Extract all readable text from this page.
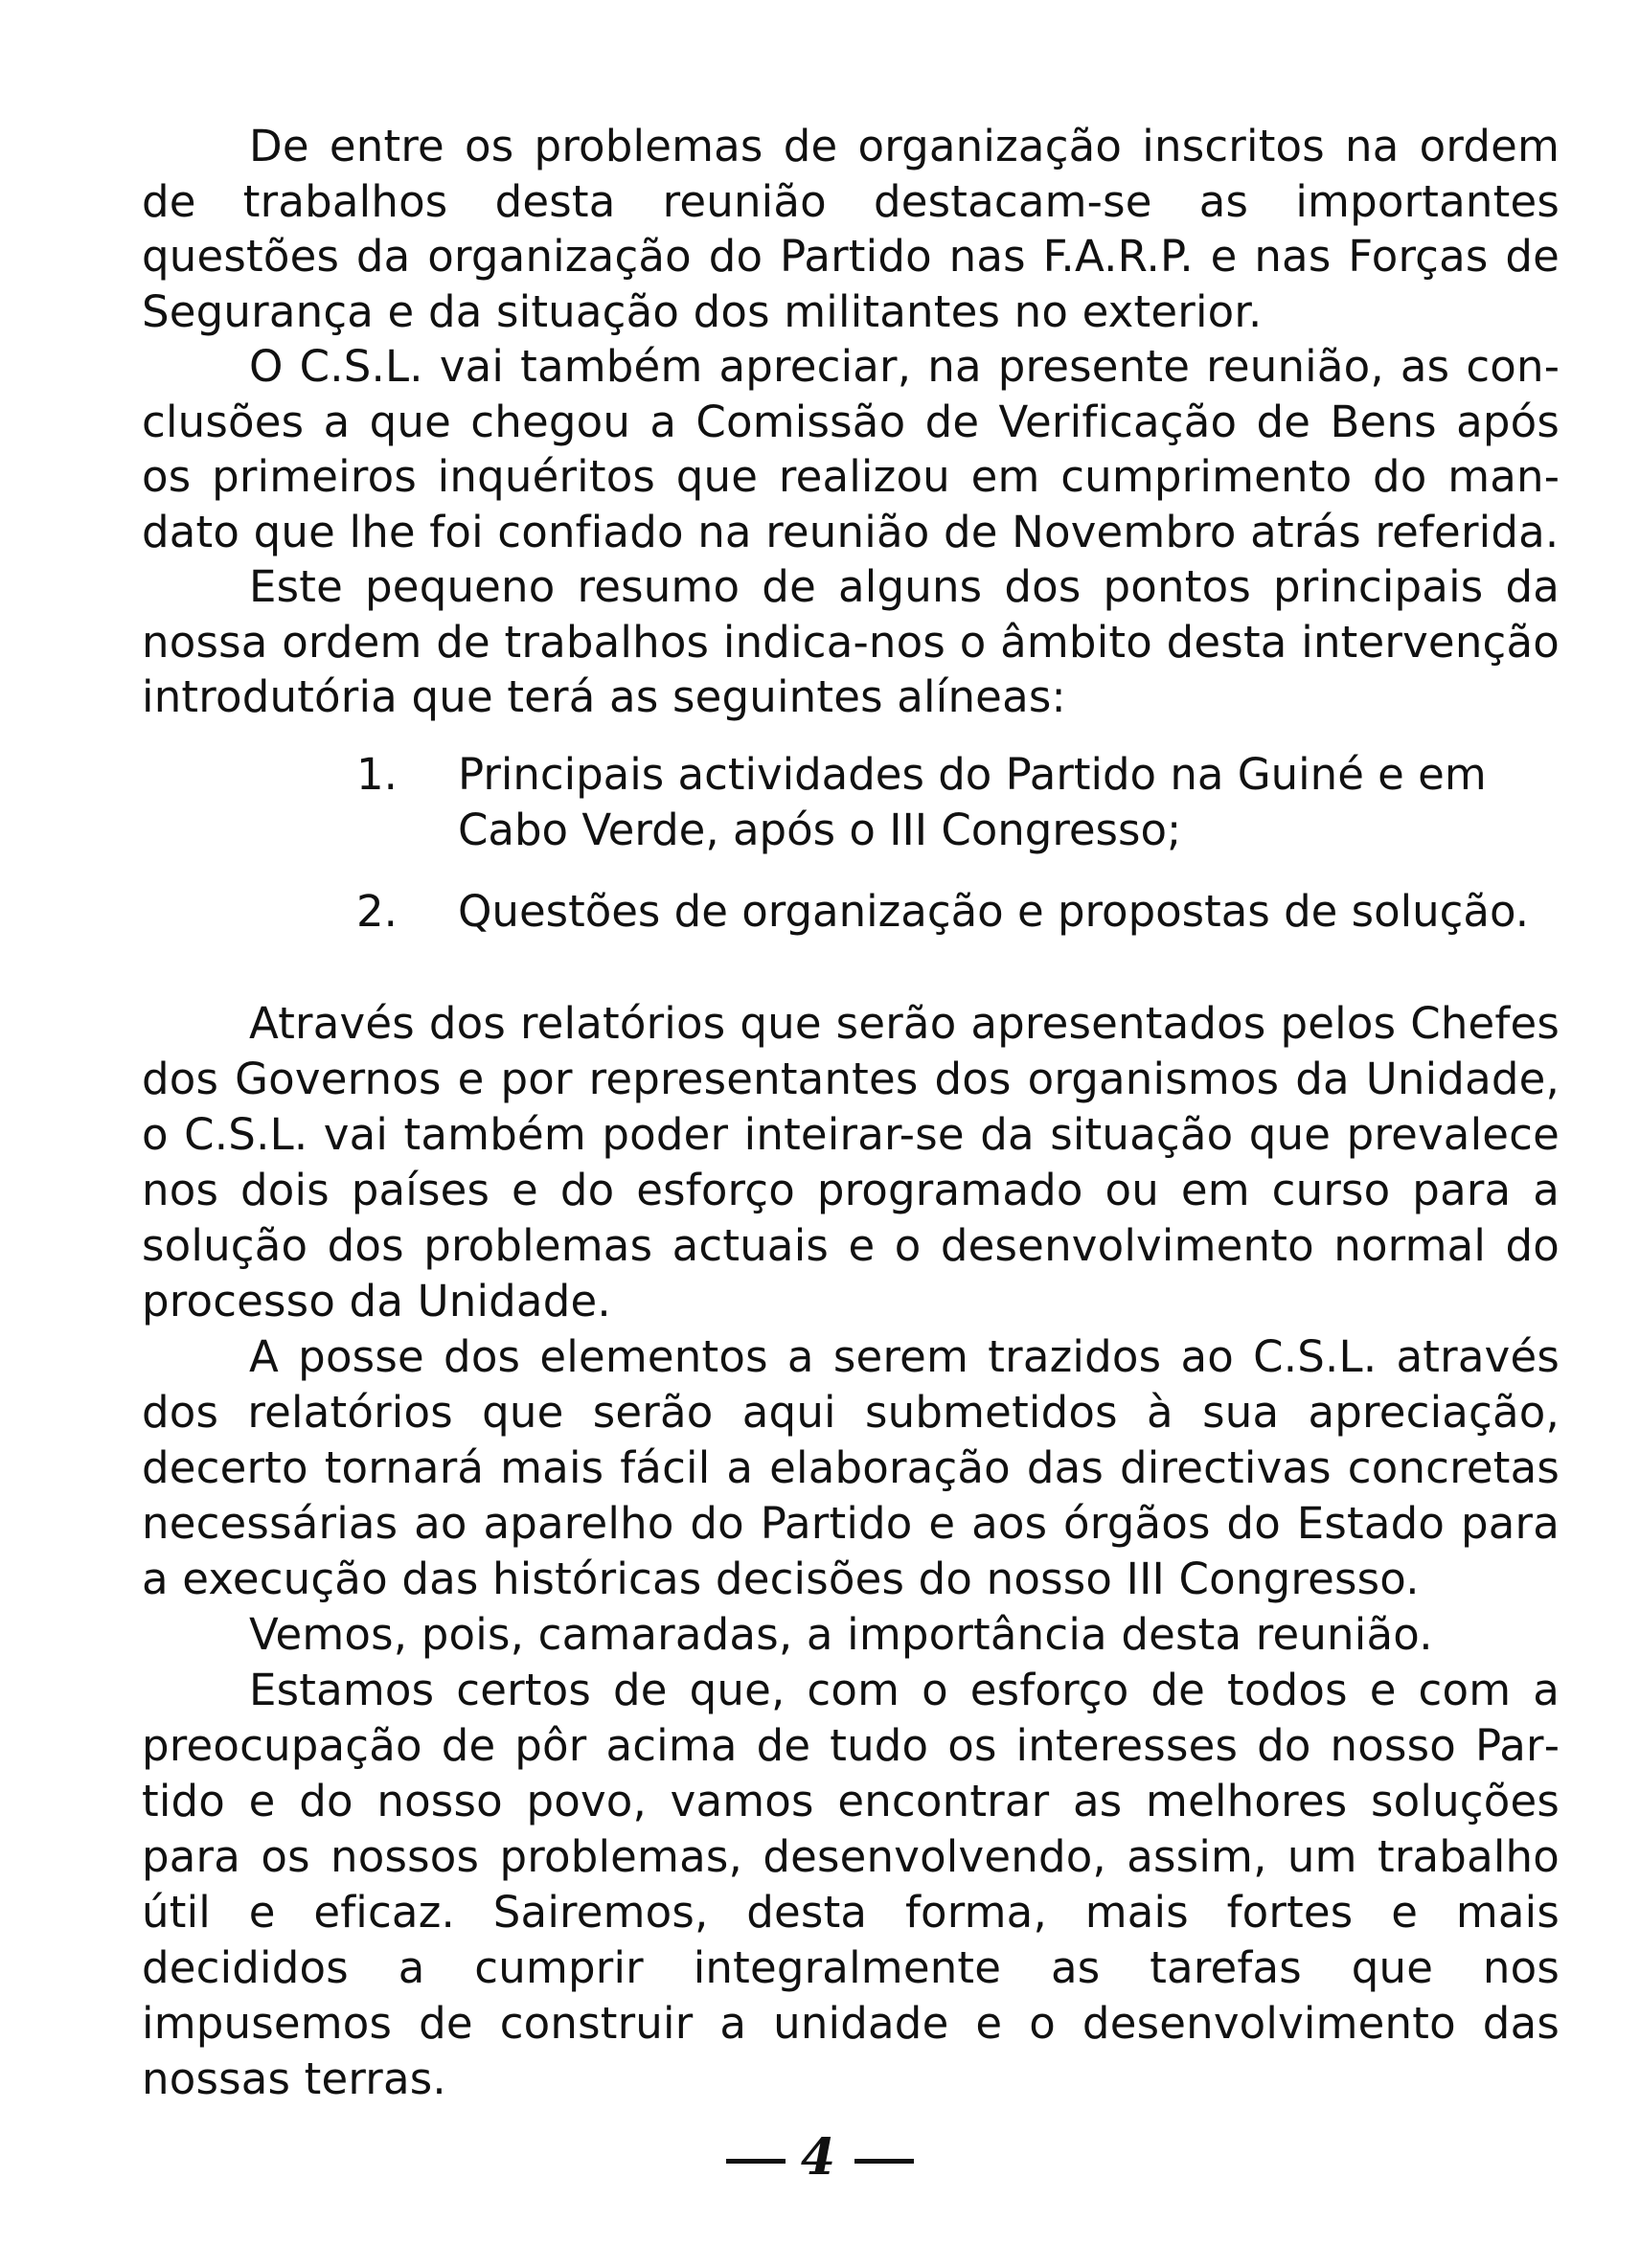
De entre os problemas de organização inscritos na ordem de trabalhos desta reunião destacam-se as importantes questões da organização do Partido nas F.A.R.P. e nas Forças de Segurança e da situação dos militantes no exterior.

O C.S.L. vai também apreciar, na presente reunião, as conclusões a que chegou a Comissão de Verificação de Bens após os primeiros inquéritos que realizou em cumprimento do mandato que lhe foi confiado na reunião de Novembro atrás referida.

Este pequeno resumo de alguns dos pontos principais da nossa ordem de trabalhos indica-nos o âmbito desta intervenção introdutória que terá as seguintes alíneas:

1. Principais actividades do Partido na Guiné e em Cabo Verde, após o III Congresso;
2. Questões de organização e propostas de solução.

Através dos relatórios que serão apresentados pelos Chefes dos Governos e por representantes dos organismos da Unidade, o C.S.L. vai também poder inteirar-se da situação que prevalece nos dois países e do esforço programado ou em curso para a solução dos problemas actuais e o desenvolvimento normal do processo da Unidade.

A posse dos elementos a serem trazidos ao C.S.L. através dos relatórios que serão aqui submetidos à sua apreciação, decerto tornará mais fácil a elaboração das directivas concretas necessárias ao aparelho do Partido e aos órgãos do Estado para a execução das históricas decisões do nosso III Congresso.

Vemos, pois, camaradas, a importância desta reunião.

Estamos certos de que, com o esforço de todos e com a preocupação de pôr acima de tudo os interesses do nosso Partido e do nosso povo, vamos encontrar as melhores soluções para os nossos problemas, desenvolvendo, assim, um trabalho útil e eficaz. Sairemos, desta forma, mais fortes e mais decididos a cumprir integralmente as tarefas que nos impusemos de construir a unidade e o desenvolvimento das nossas terras.

4
